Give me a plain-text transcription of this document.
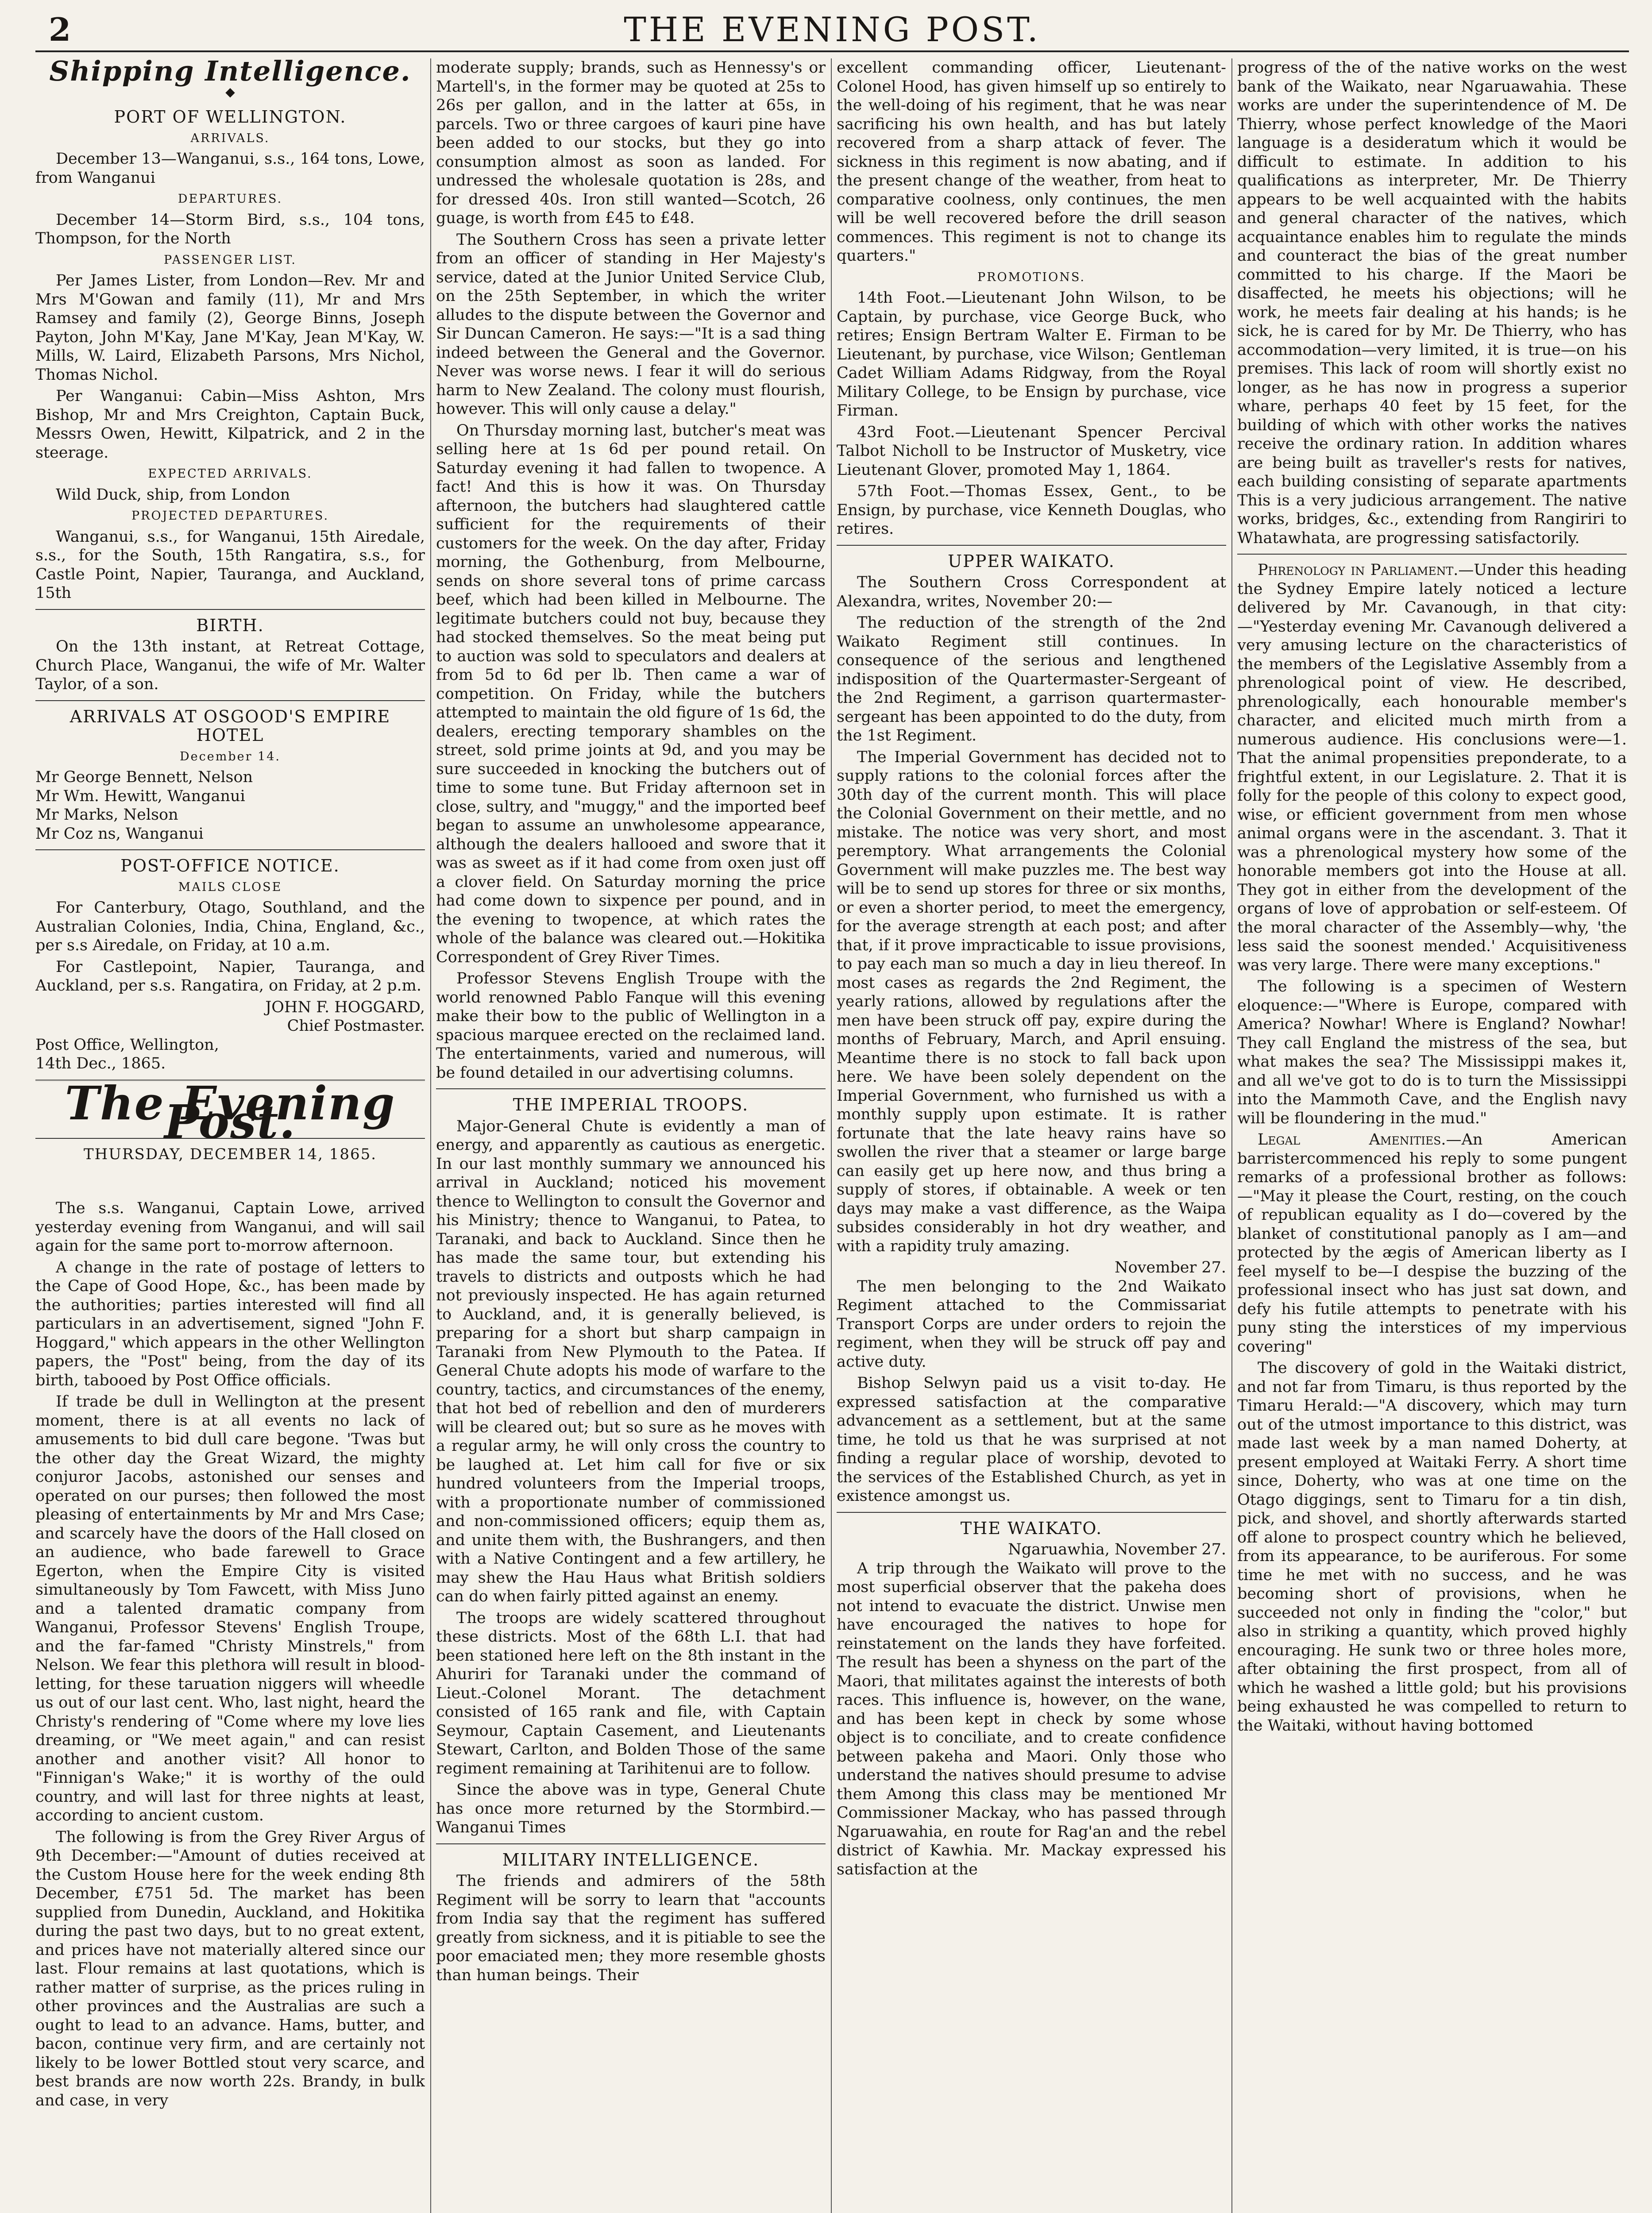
2	THE EVENING POST.
Shipping Intelligence.
◆
PORT OF WELLINGTON.
ARRIVALS.

December 13—Wanganui, s.s., 164 tons, Lowe, from Wanganui

DEPARTURES.

December 14—Storm Bird, s.s., 104 tons, Thompson, for the North

PASSENGER LIST.

Per James Lister, from London—Rev. Mr and Mrs M'Gowan and family (11), Mr and Mrs Ramsey and family (2), George Binns, Joseph Payton, John M'Kay, Jane M'Kay, Jean M'Kay, W. Mills, W. Laird, Elizabeth Parsons, Mrs Nichol, Thomas Nichol.

Per Wanganui: Cabin—Miss Ashton, Mrs Bishop, Mr and Mrs Creighton, Captain Buck, Messrs Owen, Hewitt, Kilpatrick, and 2 in the steerage.

EXPECTED ARRIVALS.

Wild Duck, ship, from London

PROJECTED DEPARTURES.

Wanganui, s.s., for Wanganui, 15th Airedale, s.s., for the South, 15th Rangatira, s.s., for Castle Point, Napier, Tauranga, and Auckland, 15th

BIRTH.

On the 13th instant, at Retreat Cottage, Church Place, Wanganui, the wife of Mr. Walter Taylor, of a son.

ARRIVALS AT OSGOOD'S EMPIRE HOTEL
December 14.
Mr George Bennett, Nelson
Mr Wm. Hewitt, Wanganui
Mr Marks, Nelson
Mr Coz ns, Wanganui
POST-OFFICE NOTICE.
MAILS CLOSE

For Canterbury, Otago, Southland, and the Australian Colonies, India, China, England, &c., per s.s Airedale, on Friday, at 10 a.m.

For Castlepoint, Napier, Tauranga, and Auckland, per s.s. Rangatira, on Friday, at 2 p.m.

JOHN F. HOGGARD,
Chief Postmaster.
Post Office, Wellington,
14th Dec., 1865.
The Evening Post.
THURSDAY, DECEMBER 14, 1865.

The s.s. Wanganui, Captain Lowe, arrived yesterday evening from Wanganui, and will sail again for the same port to-morrow afternoon.

A change in the rate of postage of letters to the Cape of Good Hope, &c., has been made by the authorities; parties interested will find all particulars in an advertisement, signed "John F. Hoggard," which appears in the other Wellington papers, the "Post" being, from the day of its birth, tabooed by Post Office officials.

If trade be dull in Wellington at the present moment, there is at all events no lack of amusements to bid dull care begone. 'Twas but the other day the Great Wizard, the mighty conjuror Jacobs, astonished our senses and operated on our purses; then followed the most pleasing of entertainments by Mr and Mrs Case; and scarcely have the doors of the Hall closed on an audience, who bade farewell to Grace Egerton, when the Empire City is visited simultaneously by Tom Fawcett, with Miss Juno and a talented dramatic company from Wanganui, Professor Stevens' English Troupe, and the far-famed "Christy Minstrels," from Nelson. We fear this plethora will result in blood-letting, for these taruation niggers will wheedle us out of our last cent. Who, last night, heard the Christy's rendering of "Come where my love lies dreaming, or "We meet again," and can resist another and another visit? All honor to "Finnigan's Wake;" it is worthy of the ould country, and will last for three nights at least, according to ancient custom.

The following is from the Grey River Argus of 9th December:—"Amount of duties received at the Custom House here for the week ending 8th December, £751 5d. The market has been supplied from Dunedin, Auckland, and Hokitika during the past two days, but to no great extent, and prices have not materially altered since our last. Flour remains at last quotations, which is rather matter of surprise, as the prices ruling in other provinces and the Australias are such a ought to lead to an advance. Hams, butter, and bacon, continue very firm, and are certainly not likely to be lower Bottled stout very scarce, and best brands are now worth 22s. Brandy, in bulk and case, in very

moderate supply; brands, such as Hennessy's or Martell's, in the former may be quoted at 25s to 26s per gallon, and in the latter at 65s, in parcels. Two or three cargoes of kauri pine have been added to our stocks, but they go into consumption almost as soon as landed. For undressed the wholesale quotation is 28s, and for dressed 40s. Iron still wanted—Scotch, 26 guage, is worth from £45 to £48.

The Southern Cross has seen a private letter from an officer of standing in Her Majesty's service, dated at the Junior United Service Club, on the 25th September, in which the writer alludes to the dispute between the Governor and Sir Duncan Cameron. He says:—"It is a sad thing indeed between the General and the Governor. Never was worse news. I fear it will do serious harm to New Zealand. The colony must flourish, however. This will only cause a delay."

On Thursday morning last, butcher's meat was selling here at 1s 6d per pound retail. On Saturday evening it had fallen to twopence. A fact! And this is how it was. On Thursday afternoon, the butchers had slaughtered cattle sufficient for the requirements of their customers for the week. On the day after, Friday morning, the Gothenburg, from Melbourne, sends on shore several tons of prime carcass beef, which had been killed in Melbourne. The legitimate butchers could not buy, because they had stocked themselves. So the meat being put to auction was sold to speculators and dealers at from 5d to 6d per lb. Then came a war of competition. On Friday, while the butchers attempted to maintain the old figure of 1s 6d, the dealers, erecting temporary shambles on the street, sold prime joints at 9d, and you may be sure succeeded in knocking the butchers out of time to some tune. But Friday afternoon set in close, sultry, and "muggy," and the imported beef began to assume an unwholesome appearance, although the dealers hallooed and swore that it was as sweet as if it had come from oxen just off a clover field. On Saturday morning the price had come down to sixpence per pound, and in the evening to twopence, at which rates the whole of the balance was cleared out.—Hokitika Correspondent of Grey River Times.

Professor Stevens English Troupe with the world renowned Pablo Fanque will this evening make their bow to the public of Wellington in a spacious marquee erected on the reclaimed land. The entertainments, varied and numerous, will be found detailed in our advertising columns.

THE IMPERIAL TROOPS.

Major-General Chute is evidently a man of energy, and apparently as cautious as energetic. In our last monthly summary we announced his arrival in Auckland; noticed his movement thence to Wellington to consult the Governor and his Ministry; thence to Wanganui, to Patea, to Taranaki, and back to Auckland. Since then he has made the same tour, but extending his travels to districts and outposts which he had not previously inspected. He has again returned to Auckland, and, it is generally believed, is preparing for a short but sharp campaign in Taranaki from New Plymouth to the Patea. If General Chute adopts his mode of warfare to the country, tactics, and circumstances of the enemy, that hot bed of rebellion and den of murderers will be cleared out; but so sure as he moves with a regular army, he will only cross the country to be laughed at. Let him call for five or six hundred volunteers from the Imperial troops, with a proportionate number of commissioned and non-commissioned officers; equip them as, and unite them with, the Bushrangers, and then with a Native Contingent and a few artillery, he may shew the Hau Haus what British soldiers can do when fairly pitted against an enemy.

The troops are widely scattered throughout these districts. Most of the 68th L.I. that had been stationed here left on the 8th instant in the Ahuriri for Taranaki under the command of Lieut.-Colonel Morant. The detachment consisted of 165 rank and file, with Captain Seymour, Captain Casement, and Lieutenants Stewart, Carlton, and Bolden Those of the same regiment remaining at Tarihitenui are to follow.

Since the above was in type, General Chute has once more returned by the Stormbird.—Wanganui Times

MILITARY INTELLIGENCE.

The friends and admirers of the 58th Regiment will be sorry to learn that "accounts from India say that the regiment has suffered greatly from sickness, and it is pitiable to see the poor emaciated men; they more resemble ghosts than human beings. Their

excellent commanding officer, Lieutenant-Colonel Hood, has given himself up so entirely to the well-doing of his regiment, that he was near sacrificing his own health, and has but lately recovered from a sharp attack of fever. The sickness in this regiment is now abating, and if the present change of the weather, from heat to comparative coolness, only continues, the men will be well recovered before the drill season commences. This regiment is not to change its quarters."

PROMOTIONS.

14th Foot.—Lieutenant John Wilson, to be Captain, by purchase, vice George Buck, who retires; Ensign Bertram Walter E. Firman to be Lieutenant, by purchase, vice Wilson; Gentleman Cadet William Adams Ridgway, from the Royal Military College, to be Ensign by purchase, vice Firman.

43rd Foot.—Lieutenant Spencer Percival Talbot Nicholl to be Instructor of Musketry, vice Lieutenant Glover, promoted May 1, 1864.

57th Foot.—Thomas Essex, Gent., to be Ensign, by purchase, vice Kenneth Douglas, who retires.

UPPER WAIKATO.

The Southern Cross Correspondent at Alexandra, writes, November 20:—

The reduction of the strength of the 2nd Waikato Regiment still continues. In consequence of the serious and lengthened indisposition of the Quartermaster-Sergeant of the 2nd Regiment, a garrison quartermaster-sergeant has been appointed to do the duty, from the 1st Regiment.

The Imperial Government has decided not to supply rations to the colonial forces after the 30th day of the current month. This will place the Colonial Government on their mettle, and no mistake. The notice was very short, and most peremptory. What arrangements the Colonial Government will make puzzles me. The best way will be to send up stores for three or six months, or even a shorter period, to meet the emergency, for the average strength at each post; and after that, if it prove impracticable to issue provisions, to pay each man so much a day in lieu thereof. In most cases as regards the 2nd Regiment, the yearly rations, allowed by regulations after the men have been struck off pay, expire during the months of February, March, and April ensuing. Meantime there is no stock to fall back upon here. We have been solely dependent on the Imperial Government, who furnished us with a monthly supply upon estimate. It is rather fortunate that the late heavy rains have so swollen the river that a steamer or large barge can easily get up here now, and thus bring a supply of stores, if obtainable. A week or ten days may make a vast difference, as the Waipa subsides considerably in hot dry weather, and with a rapidity truly amazing.

November 27.

The men belonging to the 2nd Waikato Regiment attached to the Commissariat Transport Corps are under orders to rejoin the regiment, when they will be struck off pay and active duty.

Bishop Selwyn paid us a visit to-day. He expressed satisfaction at the comparative advancement as a settlement, but at the same time, he told us that he was surprised at not finding a regular place of worship, devoted to the services of the Established Church, as yet in existence amongst us.

THE WAIKATO.
Ngaruawhia, November 27.

A trip through the Waikato will prove to the most superficial observer that the pakeha does not intend to evacuate the district. Unwise men have encouraged the natives to hope for reinstatement on the lands they have forfeited. The result has been a shyness on the part of the Maori, that militates against the interests of both races. This influence is, however, on the wane, and has been kept in check by some whose object is to conciliate, and to create confidence between pakeha and Maori. Only those who understand the natives should presume to advise them Among this class may be mentioned Mr Commissioner Mackay, who has passed through Ngaruawahia, en route for Rag'an and the rebel district of Kawhia. Mr. Mackay expressed his satisfaction at the

progress of the of the native works on the west bank of the Waikato, near Ngaruawahia. These works are under the superintendence of M. De Thierry, whose perfect knowledge of the Maori language is a desideratum which it would be difficult to estimate. In addition to his qualifications as interpreter, Mr. De Thierry appears to be well acquainted with the habits and general character of the natives, which acquaintance enables him to regulate the minds and counteract the bias of the great number committed to his charge. If the Maori be disaffected, he meets his objections; will he work, he meets fair dealing at his hands; is he sick, he is cared for by Mr. De Thierry, who has accommodation—very limited, it is true—on his premises. This lack of room will shortly exist no longer, as he has now in progress a superior whare, perhaps 40 feet by 15 feet, for the building of which with other works the natives receive the ordinary ration. In addition whares are being built as traveller's rests for natives, each building consisting of separate apartments This is a very judicious arrangement. The native works, bridges, &c., extending from Rangiriri to Whatawhata, are progressing satisfactorily.

Phrenology in Parliament.—Under this heading the Sydney Empire lately noticed a lecture delivered by Mr. Cavanough, in that city:—"Yesterday evening Mr. Cavanough delivered a very amusing lecture on the characteristics of the members of the Legislative Assembly from a phrenological point of view. He described, phrenologically, each honourable member's character, and elicited much mirth from a numerous audience. His conclusions were—1. That the animal propensities preponderate, to a frightful extent, in our Legislature. 2. That it is folly for the people of this colony to expect good, wise, or efficient government from men whose animal organs were in the ascendant. 3. That it was a phrenological mystery how some of the honorable members got into the House at all. They got in either from the development of the organs of love of approbation or self-esteem. Of the moral character of the Assembly—why, 'the less said the soonest mended.' Acquisitiveness was very large. There were many exceptions."

The following is a specimen of Western eloquence:—"Where is Europe, compared with America? Nowhar! Where is England? Nowhar! They call England the mistress of the sea, but what makes the sea? The Mississippi makes it, and all we've got to do is to turn the Mississippi into the Mammoth Cave, and the English navy will be floundering in the mud."

Legal Amenities.—An American barristercommenced his reply to some pungent remarks of a professional brother as follows:—"May it please the Court, resting, on the couch of republican equality as I do—covered by the blanket of constitutional panoply as I am—and protected by the ægis of American liberty as I feel myself to be—I despise the buzzing of the professional insect who has just sat down, and defy his futile attempts to penetrate with his puny sting the interstices of my impervious covering"

The discovery of gold in the Waitaki district, and not far from Timaru, is thus reported by the Timaru Herald:—"A discovery, which may turn out of the utmost importance to this district, was made last week by a man named Doherty, at present employed at Waitaki Ferry. A short time since, Doherty, who was at one time on the Otago diggings, sent to Timaru for a tin dish, pick, and shovel, and shortly afterwards started off alone to prospect country which he believed, from its appearance, to be auriferous. For some time he met with no success, and he was becoming short of provisions, when he succeeded not only in finding the "color," but also in striking a quantity, which proved highly encouraging. He sunk two or three holes more, after obtaining the first prospect, from all of which he washed a little gold; but his provisions being exhausted he was compelled to return to the Waitaki, without having bottomed
